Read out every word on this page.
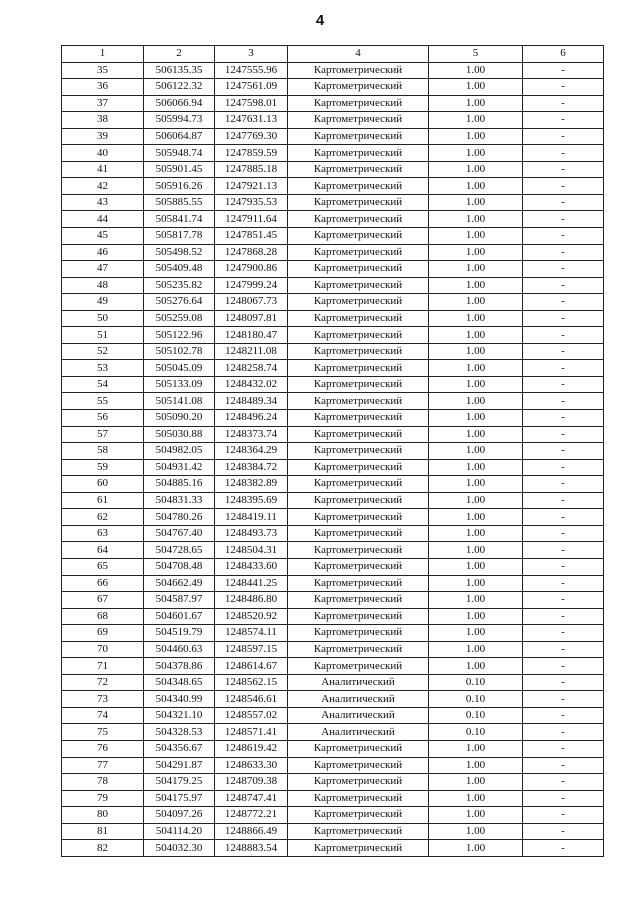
4
1	2	3	4	5	6
35	506135.35	1247555.96	Картометрический	1.00	-
36	506122.32	1247561.09	Картометрический	1.00	-
37	506066.94	1247598.01	Картометрический	1.00	-
38	505994.73	1247631.13	Картометрический	1.00	-
39	506064.87	1247769.30	Картометрический	1.00	-
40	505948.74	1247859.59	Картометрический	1.00	-
41	505901.45	1247885.18	Картометрический	1.00	-
42	505916.26	1247921.13	Картометрический	1.00	-
43	505885.55	1247935.53	Картометрический	1.00	-
44	505841.74	1247911.64	Картометрический	1.00	-
45	505817.78	1247851.45	Картометрический	1.00	-
46	505498.52	1247868.28	Картометрический	1.00	-
47	505409.48	1247900.86	Картометрический	1.00	-
48	505235.82	1247999.24	Картометрический	1.00	-
49	505276.64	1248067.73	Картометрический	1.00	-
50	505259.08	1248097.81	Картометрический	1.00	-
51	505122.96	1248180.47	Картометрический	1.00	-
52	505102.78	1248211.08	Картометрический	1.00	-
53	505045.09	1248258.74	Картометрический	1.00	-
54	505133.09	1248432.02	Картометрический	1.00	-
55	505141.08	1248489.34	Картометрический	1.00	-
56	505090.20	1248496.24	Картометрический	1.00	-
57	505030.88	1248373.74	Картометрический	1.00	-
58	504982.05	1248364.29	Картометрический	1.00	-
59	504931.42	1248384.72	Картометрический	1.00	-
60	504885.16	1248382.89	Картометрический	1.00	-
61	504831.33	1248395.69	Картометрический	1.00	-
62	504780.26	1248419.11	Картометрический	1.00	-
63	504767.40	1248493.73	Картометрический	1.00	-
64	504728.65	1248504.31	Картометрический	1.00	-
65	504708.48	1248433.60	Картометрический	1.00	-
66	504662.49	1248441.25	Картометрический	1.00	-
67	504587.97	1248486.80	Картометрический	1.00	-
68	504601.67	1248520.92	Картометрический	1.00	-
69	504519.79	1248574.11	Картометрический	1.00	-
70	504460.63	1248597.15	Картометрический	1.00	-
71	504378.86	1248614.67	Картометрический	1.00	-
72	504348.65	1248562.15	Аналитический	0.10	-
73	504340.99	1248546.61	Аналитический	0.10	-
74	504321.10	1248557.02	Аналитический	0.10	-
75	504328.53	1248571.41	Аналитический	0.10	-
76	504356.67	1248619.42	Картометрический	1.00	-
77	504291.87	1248633.30	Картометрический	1.00	-
78	504179.25	1248709.38	Картометрический	1.00	-
79	504175.97	1248747.41	Картометрический	1.00	-
80	504097.26	1248772.21	Картометрический	1.00	-
81	504114.20	1248866.49	Картометрический	1.00	-
82	504032.30	1248883.54	Картометрический	1.00	-
